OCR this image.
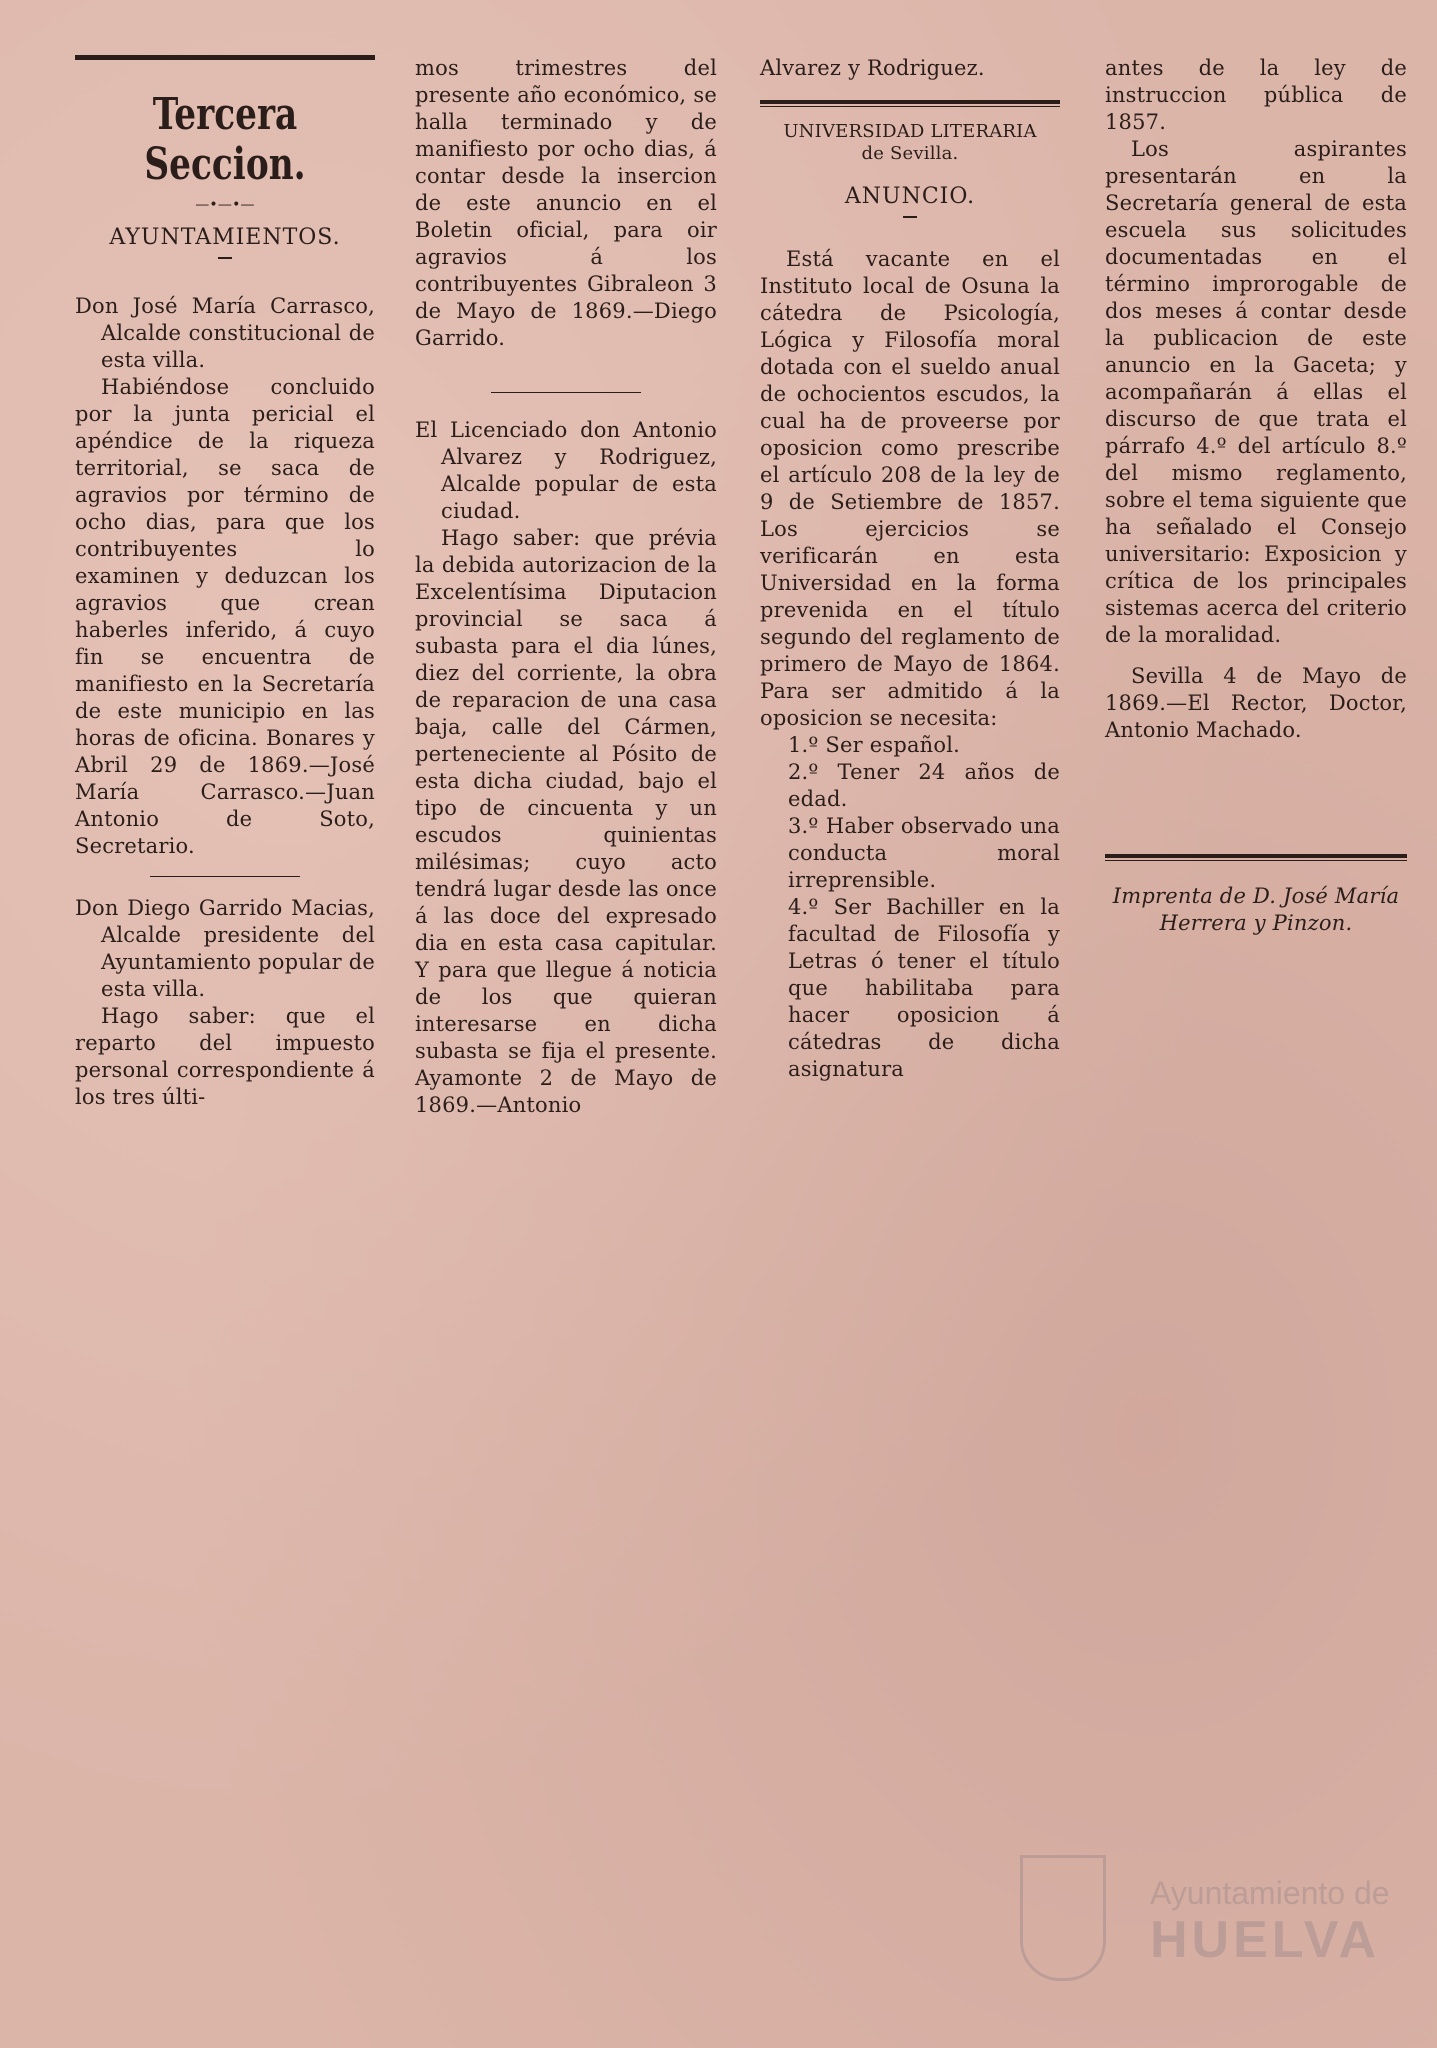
Tercera Seccion.
—•—•—
AYUNTAMIENTOS.

Don José María Carrasco, Alcalde constitucional de esta villa.

Habiéndose concluido por la junta pericial el apéndice de la riqueza territorial, se saca de agravios por término de ocho dias, para que los contribuyentes lo examinen y deduzcan los agravios que crean haberles inferido, á cuyo fin se encuentra de manifiesto en la Secretaría de este municipio en las horas de oficina. Bonares y Abril 29 de 1869.—José María Carrasco.—Juan Antonio de Soto, Secretario.

Don Diego Garrido Macias, Alcalde presidente del Ayuntamiento popular de esta villa.

Hago saber: que el reparto del impuesto personal correspondiente á los tres últi-

mos trimestres del presente año económico, se halla terminado y de manifiesto por ocho dias, á contar desde la insercion de este anuncio en el Boletin oficial, para oir agravios á los contribuyentes Gibraleon 3 de Mayo de 1869.—Diego Garrido.

El Licenciado don Antonio Alvarez y Rodriguez, Alcalde popular de esta ciudad.

Hago saber: que prévia la debida autorizacion de la Excelentísima Diputacion provincial se saca á subasta para el dia lúnes, diez del corriente, la obra de reparacion de una casa baja, calle del Cármen, perteneciente al Pósito de esta dicha ciudad, bajo el tipo de cincuenta y un escudos quinientas milésimas; cuyo acto tendrá lugar desde las once á las doce del expresado dia en esta casa capitular. Y para que llegue á noticia de los que quieran interesarse en dicha subasta se fija el presente. Ayamonte 2 de Mayo de 1869.—Antonio

Alvarez y Rodriguez.

UNIVERSIDAD LITERARIA
de Sevilla.
ANUNCIO.

Está vacante en el Instituto local de Osuna la cátedra de Psicología, Lógica y Filosofía moral dotada con el sueldo anual de ochocientos escudos, la cual ha de proveerse por oposicion como prescribe el artículo 208 de la ley de 9 de Setiembre de 1857. Los ejercicios se verificarán en esta Universidad en la forma prevenida en el título segundo del reglamento de primero de Mayo de 1864. Para ser admitido á la oposicion se necesita:

1.º Ser español.

2.º Tener 24 años de edad.

3.º Haber observado una conducta moral irreprensible.

4.º Ser Bachiller en la facultad de Filosofía y Letras ó tener el título que habilitaba para hacer oposicion á cátedras de dicha asignatura

antes de la ley de instruccion pública de 1857.

Los aspirantes presentarán en la Secretaría general de esta escuela sus solicitudes documentadas en el término improrogable de dos meses á contar desde la publicacion de este anuncio en la Gaceta; y acompañarán á ellas el discurso de que trata el párrafo 4.º del artículo 8.º del mismo reglamento, sobre el tema siguiente que ha señalado el Consejo universitario: Exposicion y crítica de los principales sistemas acerca del criterio de la moralidad.

Sevilla 4 de Mayo de 1869.—El Rector, Doctor, Antonio Machado.

Imprenta de D. José María Herrera y Pinzon.

Ayuntamiento de
HUELVA
